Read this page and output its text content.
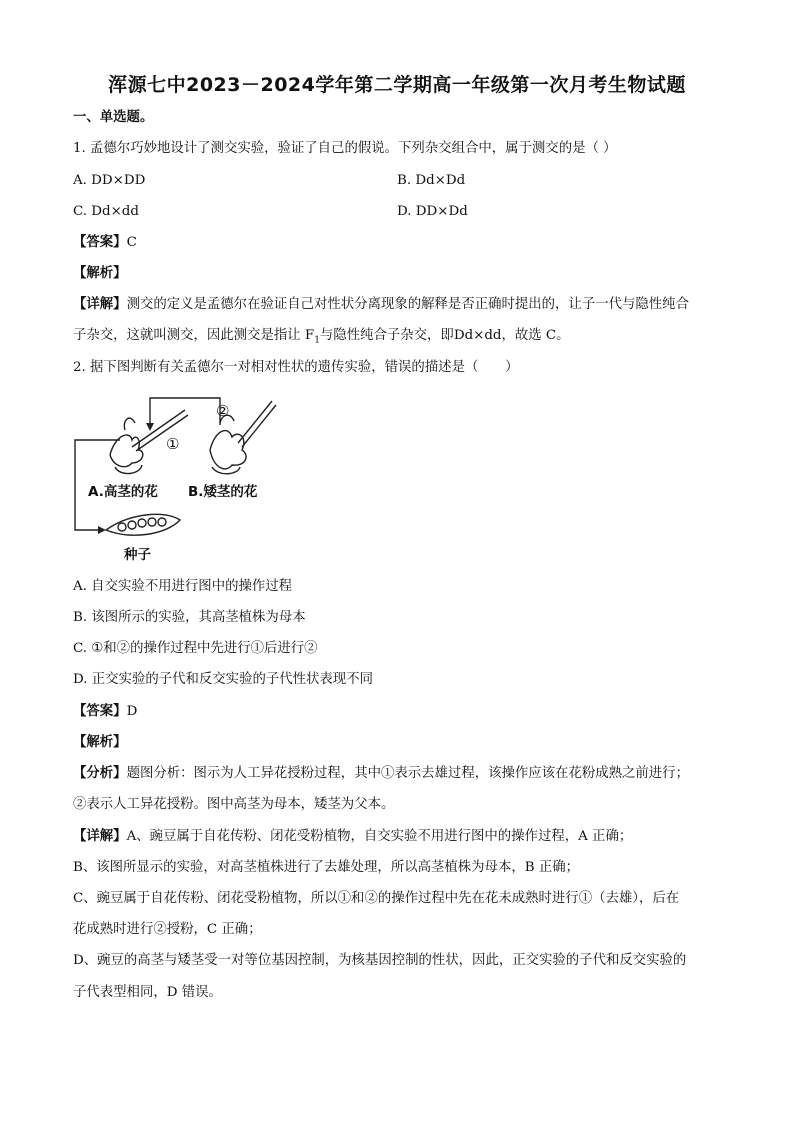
浑源七中2023－2024学年第二学期高一年级第一次月考生物试题
一、单选题。
1. 孟德尔巧妙地设计了测交实验，验证了自己的假说。下列杂交组合中，属于测交的是（ ）
A. DD×DD	B. Dd×Dd
C. Dd×dd	D. DD×Dd
【答案】C
【解析】
【详解】测交的定义是孟德尔在验证自己对性状分离现象的解释是否正确时提出的，让子一代与隐性纯合
子杂交，这就叫测交，因此测交是指让 $F_1$与隐性纯合子杂交，即Dd×dd，故选 C。
2. 据下图判断有关孟德尔一对相对性状的遗传实验，错误的描述是（　　）
①
②
A.高茎的花 B.矮茎的花
种子
A. 自交实验不用进行图中的操作过程
B. 该图所示的实验，其高茎植株为母本
C. ①和②的操作过程中先进行①后进行②
D. 正交实验的子代和反交实验的子代性状表现不同
【答案】D
【解析】
【分析】题图分析：图示为人工异花授粉过程，其中①表示去雄过程，该操作应该在花粉成熟之前进行；
②表示人工异花授粉。图中高茎为母本，矮茎为父本。
【详解】A、豌豆属于自花传粉、闭花受粉植物，自交实验不用进行图中的操作过程，A 正确；
B、该图所显示的实验，对高茎植株进行了去雄处理，所以高茎植株为母本，B 正确；
C、豌豆属于自花传粉、闭花受粉植物，所以①和②的操作过程中先在花未成熟时进行①（去雄），后在
花成熟时进行②授粉，C 正确；
D、豌豆的高茎与矮茎受一对等位基因控制，为核基因控制的性状，因此，正交实验的子代和反交实验的
子代表型相同，D 错误。
